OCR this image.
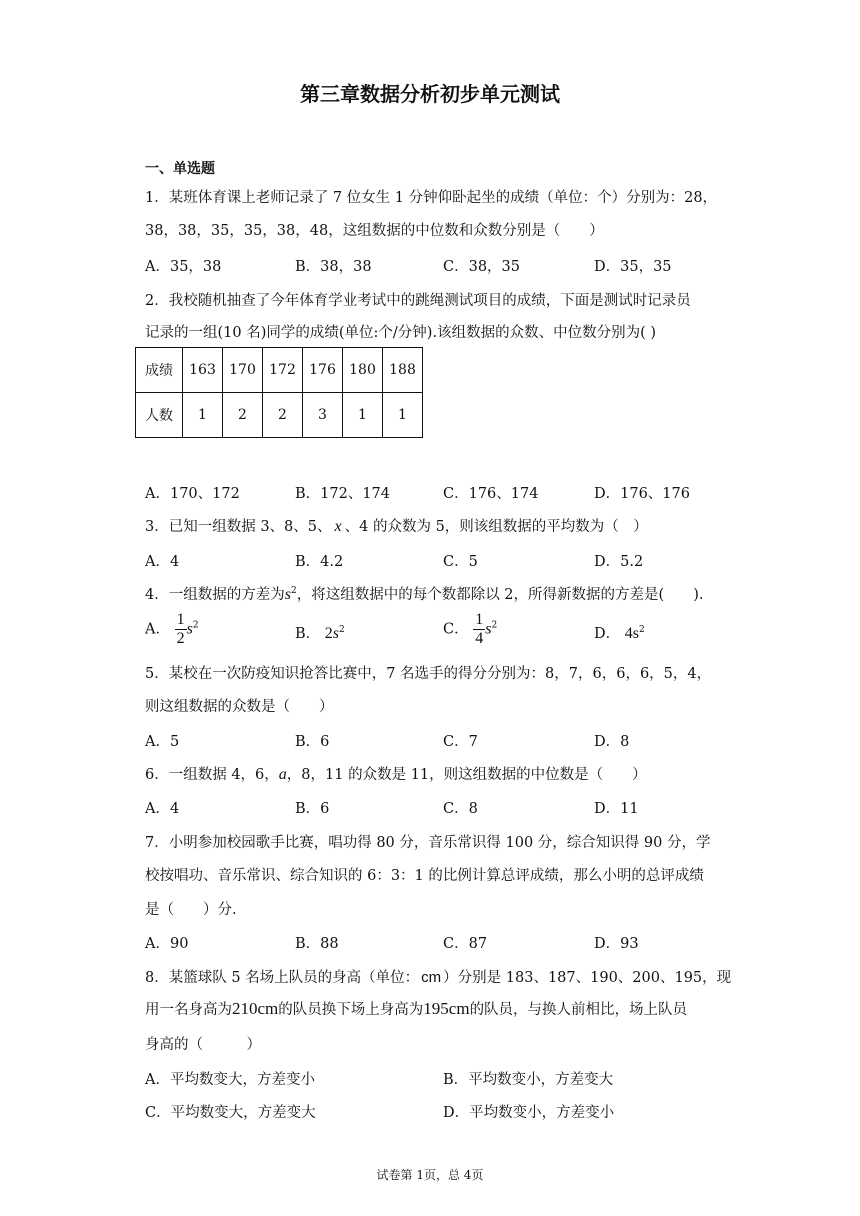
第三章数据分析初步单元测试
一、单选题
1．某班体育课上老师记录了 7 位女生 1 分钟仰卧起坐的成绩（单位：个）分别为：28，
38，38，35，35，38，48，这组数据的中位数和众数分别是（　　）
A．35，38	B．38，38	C．38，35	D．35，35
2．我校随机抽查了今年体育学业考试中的跳绳测试项目的成绩，下面是测试时记录员
记录的一组(10 名)同学的成绩(单位:个/分钟).该组数据的众数、中位数分别为( )
成绩	163	170	172	176	180	188
人数	1	2	2	3	1	1
A．170、172	B．172、174	C．176、174	D．176、176
3．已知一组数据 3、8、5、 x 、4 的众数为 5，则该组数据的平均数为（　）
A．4	B．4.2	C．5	D．5.2
4．一组数据的方差为$s^2$，将这组数据中的每个数都除以 2，所得新数据的方差是(　　).
A． $\frac{1}{2} s^2$
B． $2s^2$	C． $\frac{1}{4} s^2$
D． $4s^2$
5．某校在一次防疫知识抢答比赛中，7 名选手的得分分别为：8，7，6，6，6，5，4，
则这组数据的众数是（　　）
A．5	B．6	C．7	D．8
6．一组数据 4，6，a，8，11 的众数是 11，则这组数据的中位数是（　　）
A．4	B．6	C．8	D．11
7．小明参加校园歌手比赛，唱功得 80 分，音乐常识得 100 分，综合知识得 90 分，学
校按唱功、音乐常识、综合知识的 6：3：1 的比例计算总评成绩，那么小明的总评成绩
是（　　）分.
A．90	B．88	C．87	D．93
8．某篮球队 5 名场上队员的身高（单位： cm ）分别是 183、187、190、200、195，现
用一名身高为210cm的队员换下场上身高为195cm的队员，与换人前相比，场上队员
身高的（　　　）
A．平均数变大，方差变小	B．平均数变小，方差变大
C．平均数变大，方差变大	D．平均数变小，方差变小
试卷第 1页，总 4页
